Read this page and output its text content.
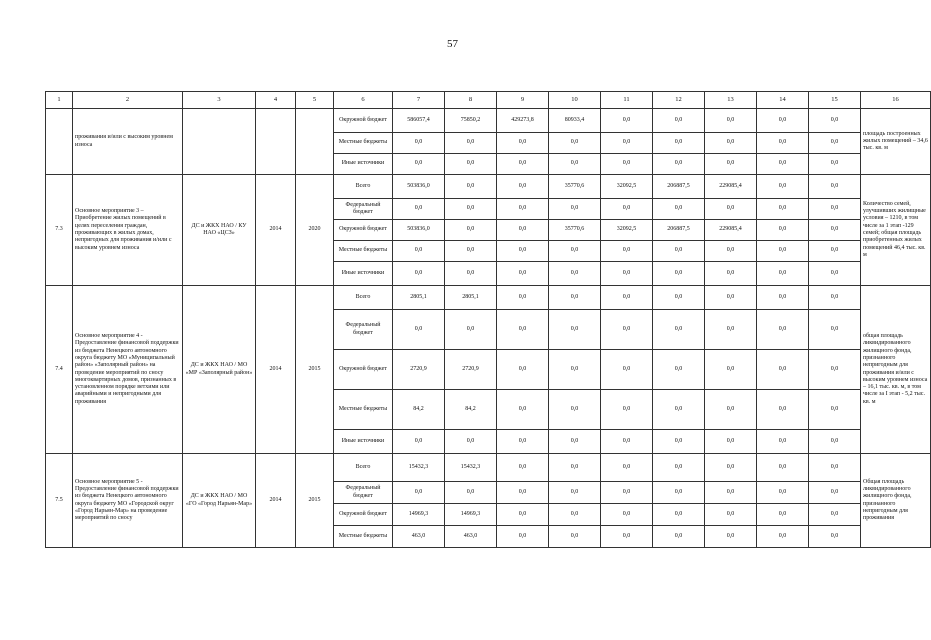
57
1	2	3	4	5	6	7	8	9	10	11	12	13	14	15	16
	проживания и/или с высоким уровнем износа				Окружной бюджет	586057,4	75850,2	429273,8	80933,4	0,0	0,0	0,0	0,0	0,0	площадь построенных жилых помещений – 34,6 тыс. кв. м
					Местные бюджеты	0,0	0,0	0,0	0,0	0,0	0,0	0,0	0,0	0,0	
					Иные источники	0,0	0,0	0,0	0,0	0,0	0,0	0,0	0,0	0,0	
7.3	Основное мероприятие 3 – Приобретение жилых помещений в целях переселения граждан, проживающих в жилых домах, непригодных для проживания и/или с высоким уровнем износа	ДС и ЖКХ НАО / КУ НАО «ЦСЗ»	2014	2020	Всего	503836,0	0,0	0,0	35770,6	32092,5	206887,5	229085,4	0,0	0,0	Количество семей, улучшивших жилищные условия – 1210, в том числе за 1 этап -129 семей; общая площадь приобретенных жилых помещений 46,4 тыс. кв. м
					Федеральный бюджет	0,0	0,0	0,0	0,0	0,0	0,0	0,0	0,0	0,0	
					Окружной бюджет	503836,0	0,0	0,0	35770,6	32092,5	206887,5	229085,4	0,0	0,0	
					Местные бюджеты	0,0	0,0	0,0	0,0	0,0	0,0	0,0	0,0	0,0	
					Иные источники	0,0	0,0	0,0	0,0	0,0	0,0	0,0	0,0	0,0	
7.4	Основное мероприятие 4 - Предоставление финансовой поддержки из бюджета Ненецкого автономного округа бюджету МО «Муниципальный район» «Заполярный район» на проведение мероприятий по сносу многоквартирных домов, признанных в установленном порядке ветхими или аварийными и непригодными для проживания	ДС и ЖКХ НАО / МО «МР «Заполярный район»	2014	2015	Всего	2805,1	2805,1	0,0	0,0	0,0	0,0	0,0	0,0	0,0	общая площадь ликвидированного жилищного фонда, признанного непригодным для проживания и/или с высоким уровнем износа – 16,1 тыс. кв. м, в том числе за I этап - 5,2 тыс. кв. м
					Федеральный бюджет	0,0	0,0	0,0	0,0	0,0	0,0	0,0	0,0	0,0	
					Окружной бюджет	2720,9	2720,9	0,0	0,0	0,0	0,0	0,0	0,0	0,0	
					Местные бюджеты	84,2	84,2	0,0	0,0	0,0	0,0	0,0	0,0	0,0	
					Иные источники	0,0	0,0	0,0	0,0	0,0	0,0	0,0	0,0	0,0	
7.5	Основное мероприятие 5 - Предоставление финансовой поддержки из бюджета Ненецкого автономного округа бюджету МО «Городской округ «Город Нарьян-Мар» на проведение мероприятий по сносу	ДС и ЖКХ НАО / МО «ГО «Город Нарьян-Мар»	2014	2015	Всего	15432,3	15432,3	0,0	0,0	0,0	0,0	0,0	0,0	0,0	Общая площадь ликвидированного жилищного фонда, признанного непригодным для проживания
					Федеральный бюджет	0,0	0,0	0,0	0,0	0,0	0,0	0,0	0,0	0,0	
					Окружной бюджет	14969,3	14969,3	0,0	0,0	0,0	0,0	0,0	0,0	0,0	
					Местные бюджеты	463,0	463,0	0,0	0,0	0,0	0,0	0,0	0,0	0,0	
